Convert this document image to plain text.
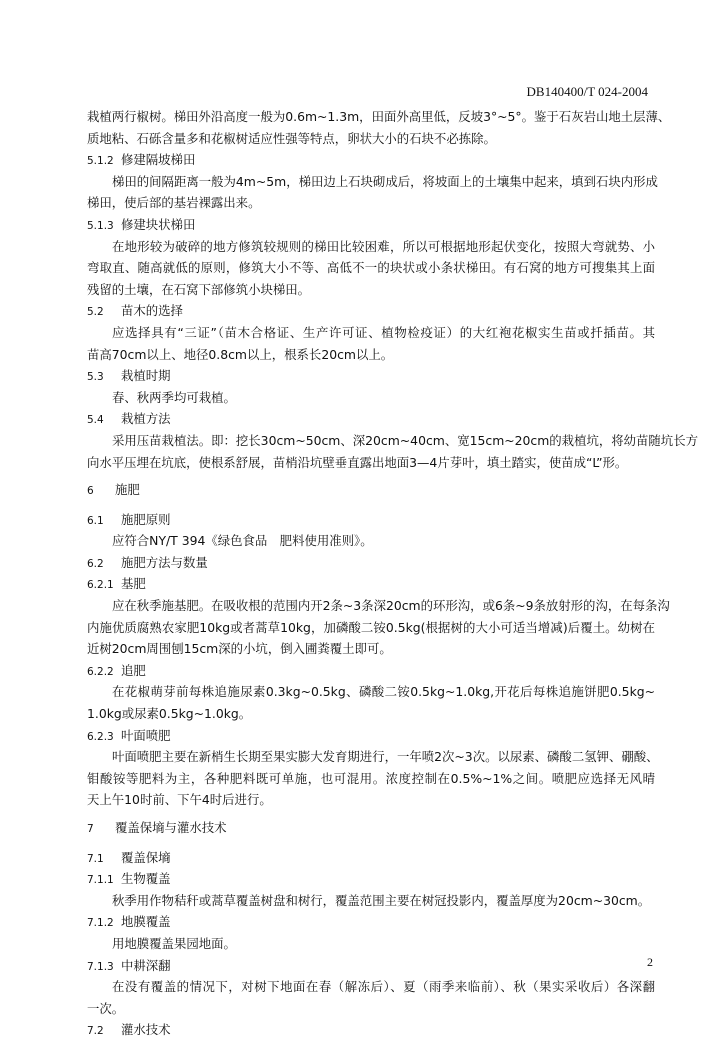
DB140400/T 024-2004

栽植两行椒树。梯田外沿高度一般为0.6m~1.3m，田面外高里低，反坡3°~5°。鉴于石灰岩山地土层薄、

质地粘、石砾含量多和花椒树适应性强等特点，卵状大小的石块不必拣除。

5.1.2 修建隔坡梯田

梯田的间隔距离一般为4m~5m，梯田边上石块砌成后，将坡面上的土壤集中起来，填到石块内形成

梯田，使后部的基岩裸露出来。

5.1.3 修建块状梯田

在地形较为破碎的地方修筑较规则的梯田比较困难，所以可根据地形起伏变化，按照大弯就势、小

弯取直、随高就低的原则，修筑大小不等、高低不一的块状或小条状梯田。有石窝的地方可搜集其上面

残留的土壤，在石窝下部修筑小块梯田。

5.2 苗木的选择

应选择具有“三证”（苗木合格证、生产许可证、植物检疫证）的大红袍花椒实生苗或扦插苗。其

苗高70cm以上、地径0.8cm以上，根系长20cm以上。

5.3 栽植时期

春、秋两季均可栽植。

5.4 栽植方法

采用压苗栽植法。即：挖长30cm~50cm、深20cm~40cm、宽15cm~20cm的栽植坑，将幼苗随坑长方

向水平压埋在坑底，使根系舒展，苗梢沿坑壁垂直露出地面3—4片芽叶，填土踏实，使苗成“L”形。

6 施肥
6.1 施肥原则

应符合NY/T 394《绿色食品　肥料使用准则》。

6.2 施肥方法与数量
6.2.1 基肥

应在秋季施基肥。在吸收根的范围内开2条~3条深20cm的环形沟，或6条~9条放射形的沟，在每条沟

内施优质腐熟农家肥10kg或者蒿草10kg，加磷酸二铵0.5kg(根据树的大小可适当增减)后覆土。幼树在

近树20cm周围刨15cm深的小坑，倒入圃粪覆土即可。

6.2.2 追肥

在花椒萌芽前每株追施尿素0.3kg~0.5kg、磷酸二铵0.5kg~1.0kg,开花后每株追施饼肥0.5kg~

1.0kg或尿素0.5kg~1.0kg。

6.2.3 叶面喷肥

叶面喷肥主要在新梢生长期至果实膨大发育期进行，一年喷2次~3次。以尿素、磷酸二氢钾、硼酸、

钼酸铵等肥料为主，各种肥料既可单施，也可混用。浓度控制在0.5%~1%之间。喷肥应选择无风晴

天上午10时前、下午4时后进行。

7 覆盖保墒与灌水技术
7.1 覆盖保墒
7.1.1 生物覆盖

秋季用作物秸秆或蒿草覆盖树盘和树行，覆盖范围主要在树冠投影内，覆盖厚度为20cm~30cm。

7.1.2 地膜覆盖

用地膜覆盖果园地面。

7.1.3 中耕深翻

在没有覆盖的情况下，对树下地面在春（解冻后）、夏（雨季来临前）、秋（果实采收后）各深翻

一次。

7.2 灌水技术
2
